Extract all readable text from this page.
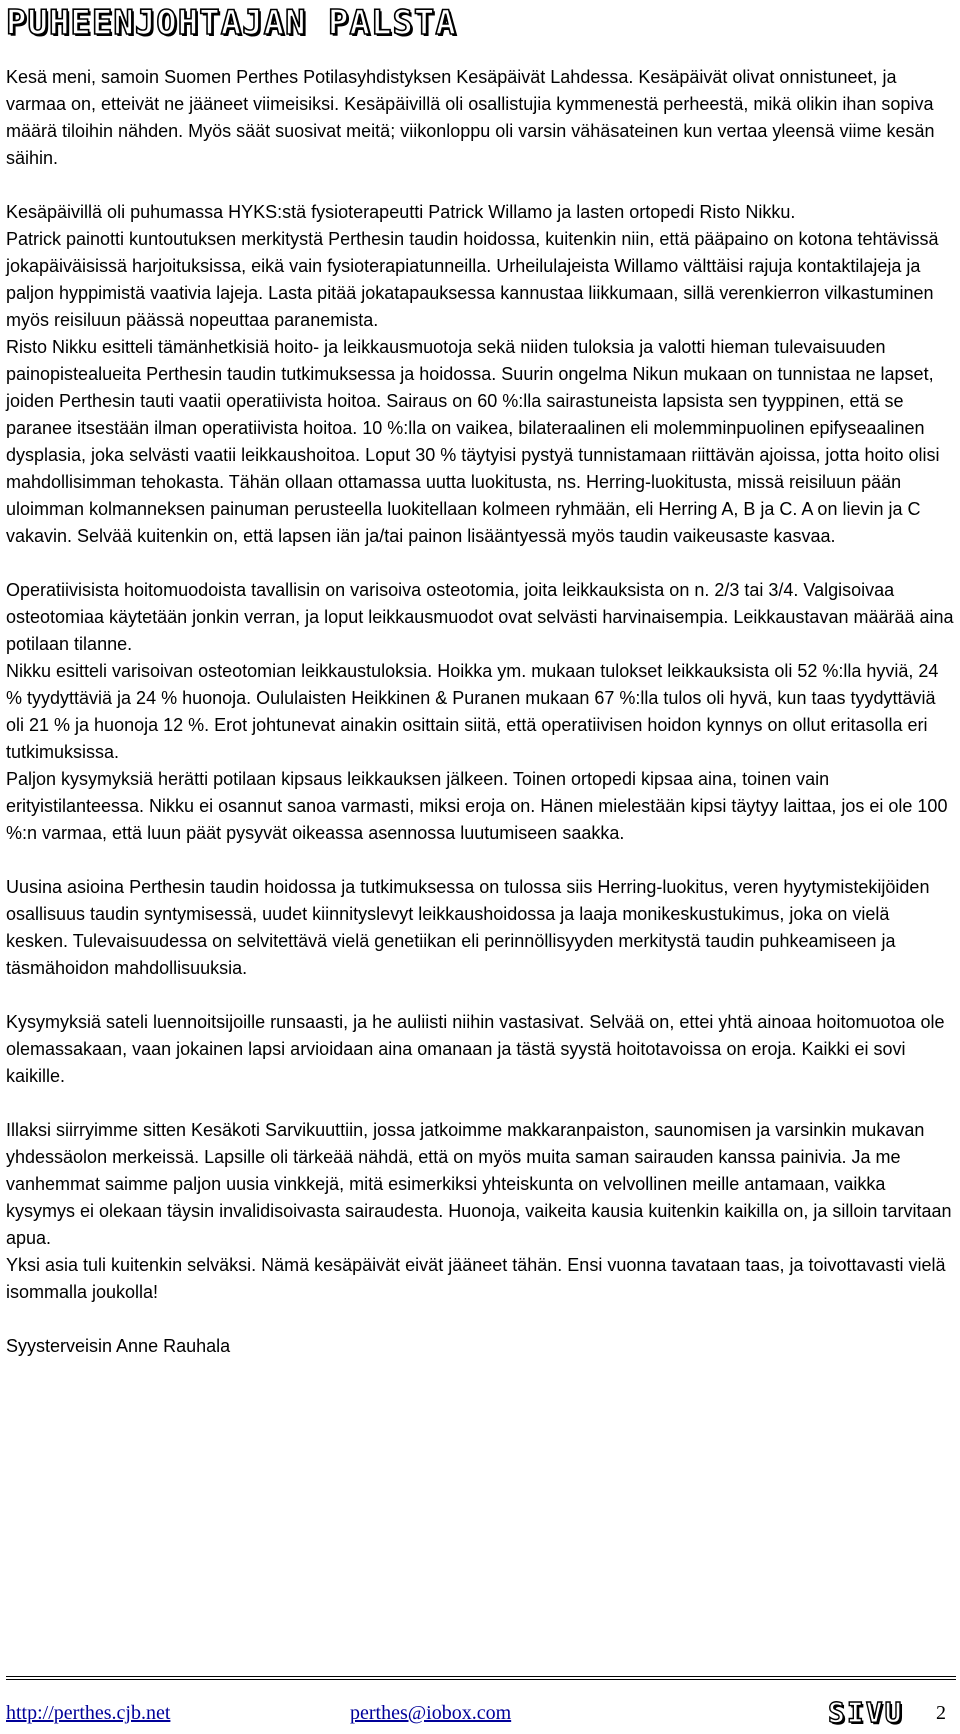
PUHEENJOHTAJAN PALSTA

Kesä meni, samoin Suomen Perthes Potilasyhdistyksen Kesäpäivät Lahdessa. Kesäpäivät olivat onnistuneet, ja varmaa on, etteivät ne jääneet viimeisiksi. Kesäpäivillä oli osallistujia kymmenestä perheestä, mikä olikin ihan sopiva määrä tiloihin nähden. Myös säät suosivat meitä; viikonloppu oli varsin vähäsateinen kun vertaa yleensä viime kesän säihin.

Kesäpäivillä oli puhumassa HYKS:stä fysioterapeutti Patrick Willamo ja lasten ortopedi Risto Nikku.

Patrick painotti kuntoutuksen merkitystä Perthesin taudin hoidossa, kuitenkin niin, että pääpaino on kotona tehtävissä jokapäiväisissä harjoituksissa, eikä vain fysioterapiatunneilla. Urheilulajeista Willamo välttäisi rajuja kontaktilajeja ja paljon hyppimistä vaativia lajeja. Lasta pitää jokatapauksessa kannustaa liikkumaan, sillä verenkierron vilkastuminen myös reisiluun päässä nopeuttaa paranemista.

Risto Nikku esitteli tämänhetkisiä hoito- ja leikkausmuotoja sekä niiden tuloksia ja valotti hieman tulevaisuuden painopistealueita Perthesin taudin tutkimuksessa ja hoidossa. Suurin ongelma Nikun mukaan on tunnistaa ne lapset, joiden Perthesin tauti vaatii operatiivista hoitoa. Sairaus on 60 %:lla sairastuneista lapsista sen tyyppinen, että se paranee itsestään ilman operatiivista hoitoa. 10 %:lla on vaikea, bilateraalinen eli molemminpuolinen epifyseaalinen dysplasia, joka selvästi vaatii leikkaushoitoa. Loput 30 % täytyisi pystyä tunnistamaan riittävän ajoissa, jotta hoito olisi mahdollisimman tehokasta. Tähän ollaan ottamassa uutta luokitusta, ns. Herring-luokitusta, missä reisiluun pään uloimman kolmanneksen painuman perusteella luokitellaan kolmeen ryhmään, eli Herring A, B ja C. A on lievin ja C vakavin. Selvää kuitenkin on, että lapsen iän ja/tai painon lisääntyessä myös taudin vaikeusaste kasvaa.

Operatiivisista hoitomuodoista tavallisin on varisoiva osteotomia, joita leikkauksista on n. 2/3 tai 3/4. Valgisoivaa osteotomiaa käytetään jonkin verran, ja loput leikkausmuodot ovat selvästi harvinaisempia. Leikkaustavan määrää aina potilaan tilanne.

Nikku esitteli varisoivan osteotomian leikkaustuloksia. Hoikka ym. mukaan tulokset leikkauksista oli 52 %:lla hyviä, 24 % tyydyttäviä ja 24 % huonoja. Oululaisten Heikkinen & Puranen mukaan 67 %:lla tulos oli hyvä, kun taas tyydyttäviä oli 21 % ja huonoja 12 %. Erot johtunevat ainakin osittain siitä, että operatiivisen hoidon kynnys on ollut eritasolla eri tutkimuksissa.

Paljon kysymyksiä herätti potilaan kipsaus leikkauksen jälkeen. Toinen ortopedi kipsaa aina, toinen vain erityistilanteessa. Nikku ei osannut sanoa varmasti, miksi eroja on. Hänen mielestään kipsi täytyy laittaa, jos ei ole 100 %:n varmaa, että luun päät pysyvät oikeassa asennossa luutumiseen saakka.

Uusina asioina Perthesin taudin hoidossa ja tutkimuksessa on tulossa siis Herring-luokitus, veren hyytymistekijöiden osallisuus taudin syntymisessä, uudet kiinnityslevyt leikkaushoidossa ja laaja monikeskustukimus, joka on vielä kesken. Tulevaisuudessa on selvitettävä vielä genetiikan eli perinnöllisyyden merkitystä taudin puhkeamiseen ja täsmähoidon mahdollisuuksia.

Kysymyksiä sateli luennoitsijoille runsaasti, ja he auliisti niihin vastasivat. Selvää on, ettei yhtä ainoaa hoitomuotoa ole olemassakaan, vaan jokainen lapsi arvioidaan aina omanaan ja tästä syystä hoitotavoissa on eroja. Kaikki ei sovi kaikille.

Illaksi siirryimme sitten Kesäkoti Sarvikuuttiin, jossa jatkoimme makkaranpaiston, saunomisen ja varsinkin mukavan yhdessäolon merkeissä. Lapsille oli tärkeää nähdä, että on myös muita saman sairauden kanssa painivia. Ja me vanhemmat saimme paljon uusia vinkkejä, mitä esimerkiksi yhteiskunta on velvollinen meille antamaan, vaikka kysymys ei olekaan täysin invalidisoivasta sairaudesta. Huonoja, vaikeita kausia kuitenkin kaikilla on, ja silloin tarvitaan apua.

Yksi asia tuli kuitenkin selväksi. Nämä kesäpäivät eivät jääneet tähän. Ensi vuonna tavataan taas, ja toivottavasti vielä isommalla joukolla!

Syysterveisin Anne Rauhala

http://perthes.cjb.net	perthes@iobox.com	SIVU 2
